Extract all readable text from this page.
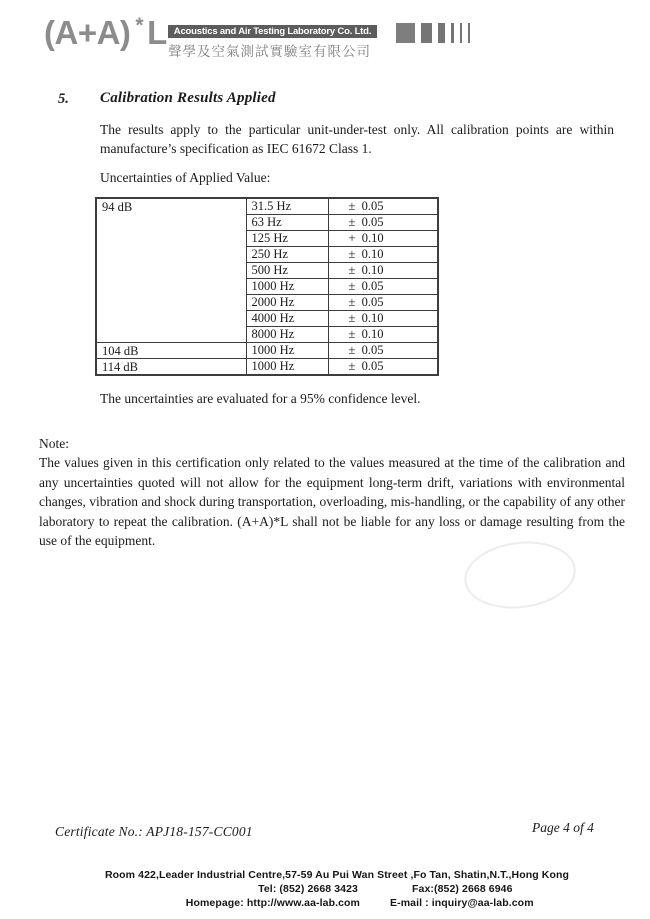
(A+A) * L Acoustics and Air Testing Laboratory Co. Ltd.
聲學及空氣測試實驗室有限公司
5. Calibration Results Applied
The results apply to the particular unit-under-test only. All calibration points are within manufacture’s specification as IEC 61672 Class 1.
Uncertainties of Applied Value:
94 dB	31.5 Hz	±  0.05
	63 Hz	±  0.05
	125 Hz	+  0.10
	250 Hz	±  0.10
	500 Hz	±  0.10
	1000 Hz	±  0.05
	2000 Hz	±  0.05
	4000 Hz	±  0.10
	8000 Hz	±  0.10
104 dB	1000 Hz	±  0.05
114 dB	1000 Hz	±  0.05
The uncertainties are evaluated for a 95% confidence level.
Note:
The values given in this certification only related to the values measured at the time of the calibration and any uncertainties quoted will not allow for the equipment long-term drift, variations with environmental changes, vibration and shock during transportation, overloading, mis-handling, or the capability of any other laboratory to repeat the calibration. (A+A)*L shall not be liable for any loss or damage resulting from the use of the equipment.
Certificate No.: APJ18-157-CC001	Page 4 of 4
Room 422,Leader Industrial Centre,57-59 Au Pui Wan Street ,Fo Tan, Shatin,N.T.,Hong Kong
Tel: (852) 2668 3423	Fax:(852) 2668 6946
Homepage: http://www.aa-lab.com	E-mail : inquiry@aa-lab.com
